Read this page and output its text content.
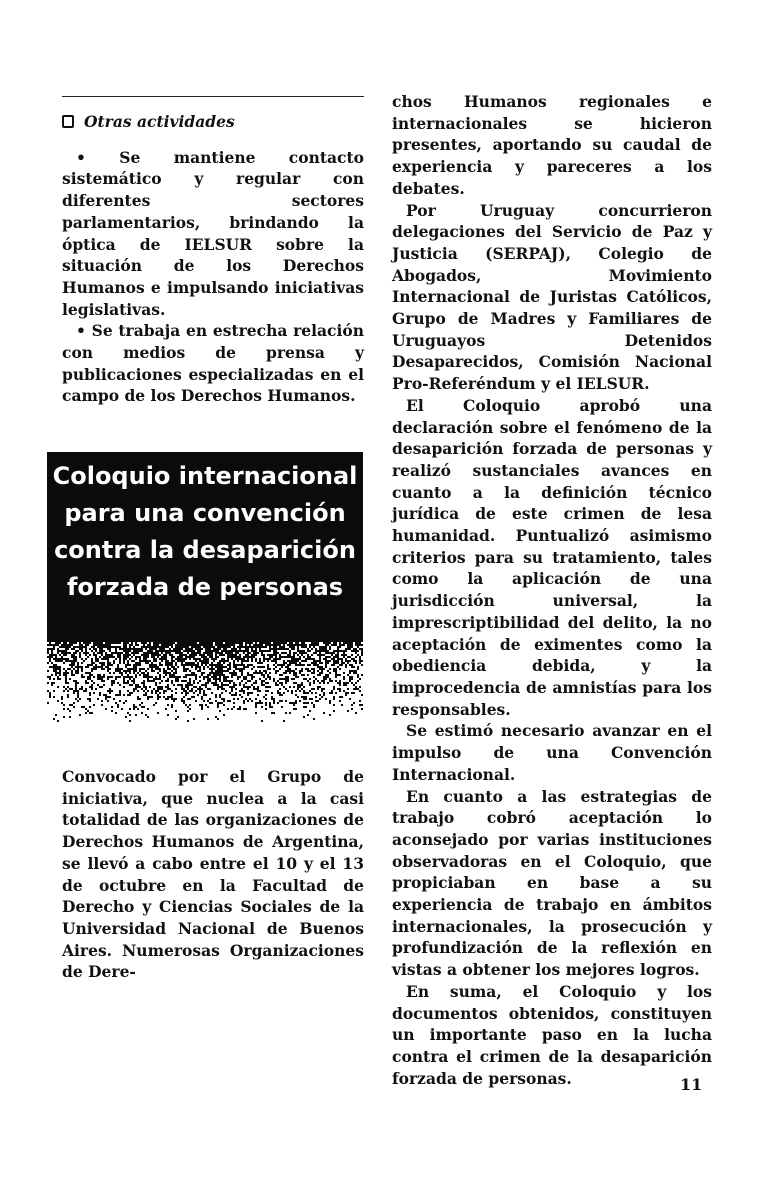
Otras actividades

• Se mantiene contacto sistemático y regular con diferentes sectores parlamentarios, brindando la óptica de IELSUR sobre la situación de los Derechos Humanos e impulsando iniciativas legislativas.

• Se trabaja en estrecha relación con medios de prensa y publicaciones especializadas en el campo de los Derechos Humanos.

Coloquio internacional para una convención contra la desaparición forzada de personas

Convocado por el Grupo de iniciativa, que nuclea a la casi totalidad de las organizaciones de Derechos Humanos de Argentina, se llevó a cabo entre el 10 y el 13 de octubre en la Facultad de Derecho y Ciencias Sociales de la Universidad Nacional de Buenos Aires. Numerosas Organizaciones de Dere-

chos Humanos regionales e internacionales se hicieron presentes, aportando su caudal de experiencia y pareceres a los debates.

Por Uruguay concurrieron delegaciones del Servicio de Paz y Justicia (SERPAJ), Colegio de Abogados, Movimiento Internacional de Juristas Católicos, Grupo de Madres y Familiares de Uruguayos Detenidos Desaparecidos, Comisión Nacional Pro-Referéndum y el IELSUR.

El Coloquio aprobó una declaración sobre el fenómeno de la desaparición forzada de personas y realizó sustanciales avances en cuanto a la definición técnico jurídica de este crimen de lesa humanidad. Puntualizó asimismo criterios para su tratamiento, tales como la aplicación de una jurisdicción universal, la imprescriptibilidad del delito, la no aceptación de eximentes como la obediencia debida, y la improcedencia de amnistías para los responsables.

Se estimó necesario avanzar en el impulso de una Convención Internacional.

En cuanto a las estrategias de trabajo cobró aceptación lo aconsejado por varias instituciones observadoras en el Coloquio, que propiciaban en base a su experiencia de trabajo en ámbitos internacionales, la prosecución y profundización de la reflexión en vistas a obtener los mejores logros.

En suma, el Coloquio y los documentos obtenidos, constituyen un importante paso en la lucha contra el crimen de la desaparición forzada de personas.	11
